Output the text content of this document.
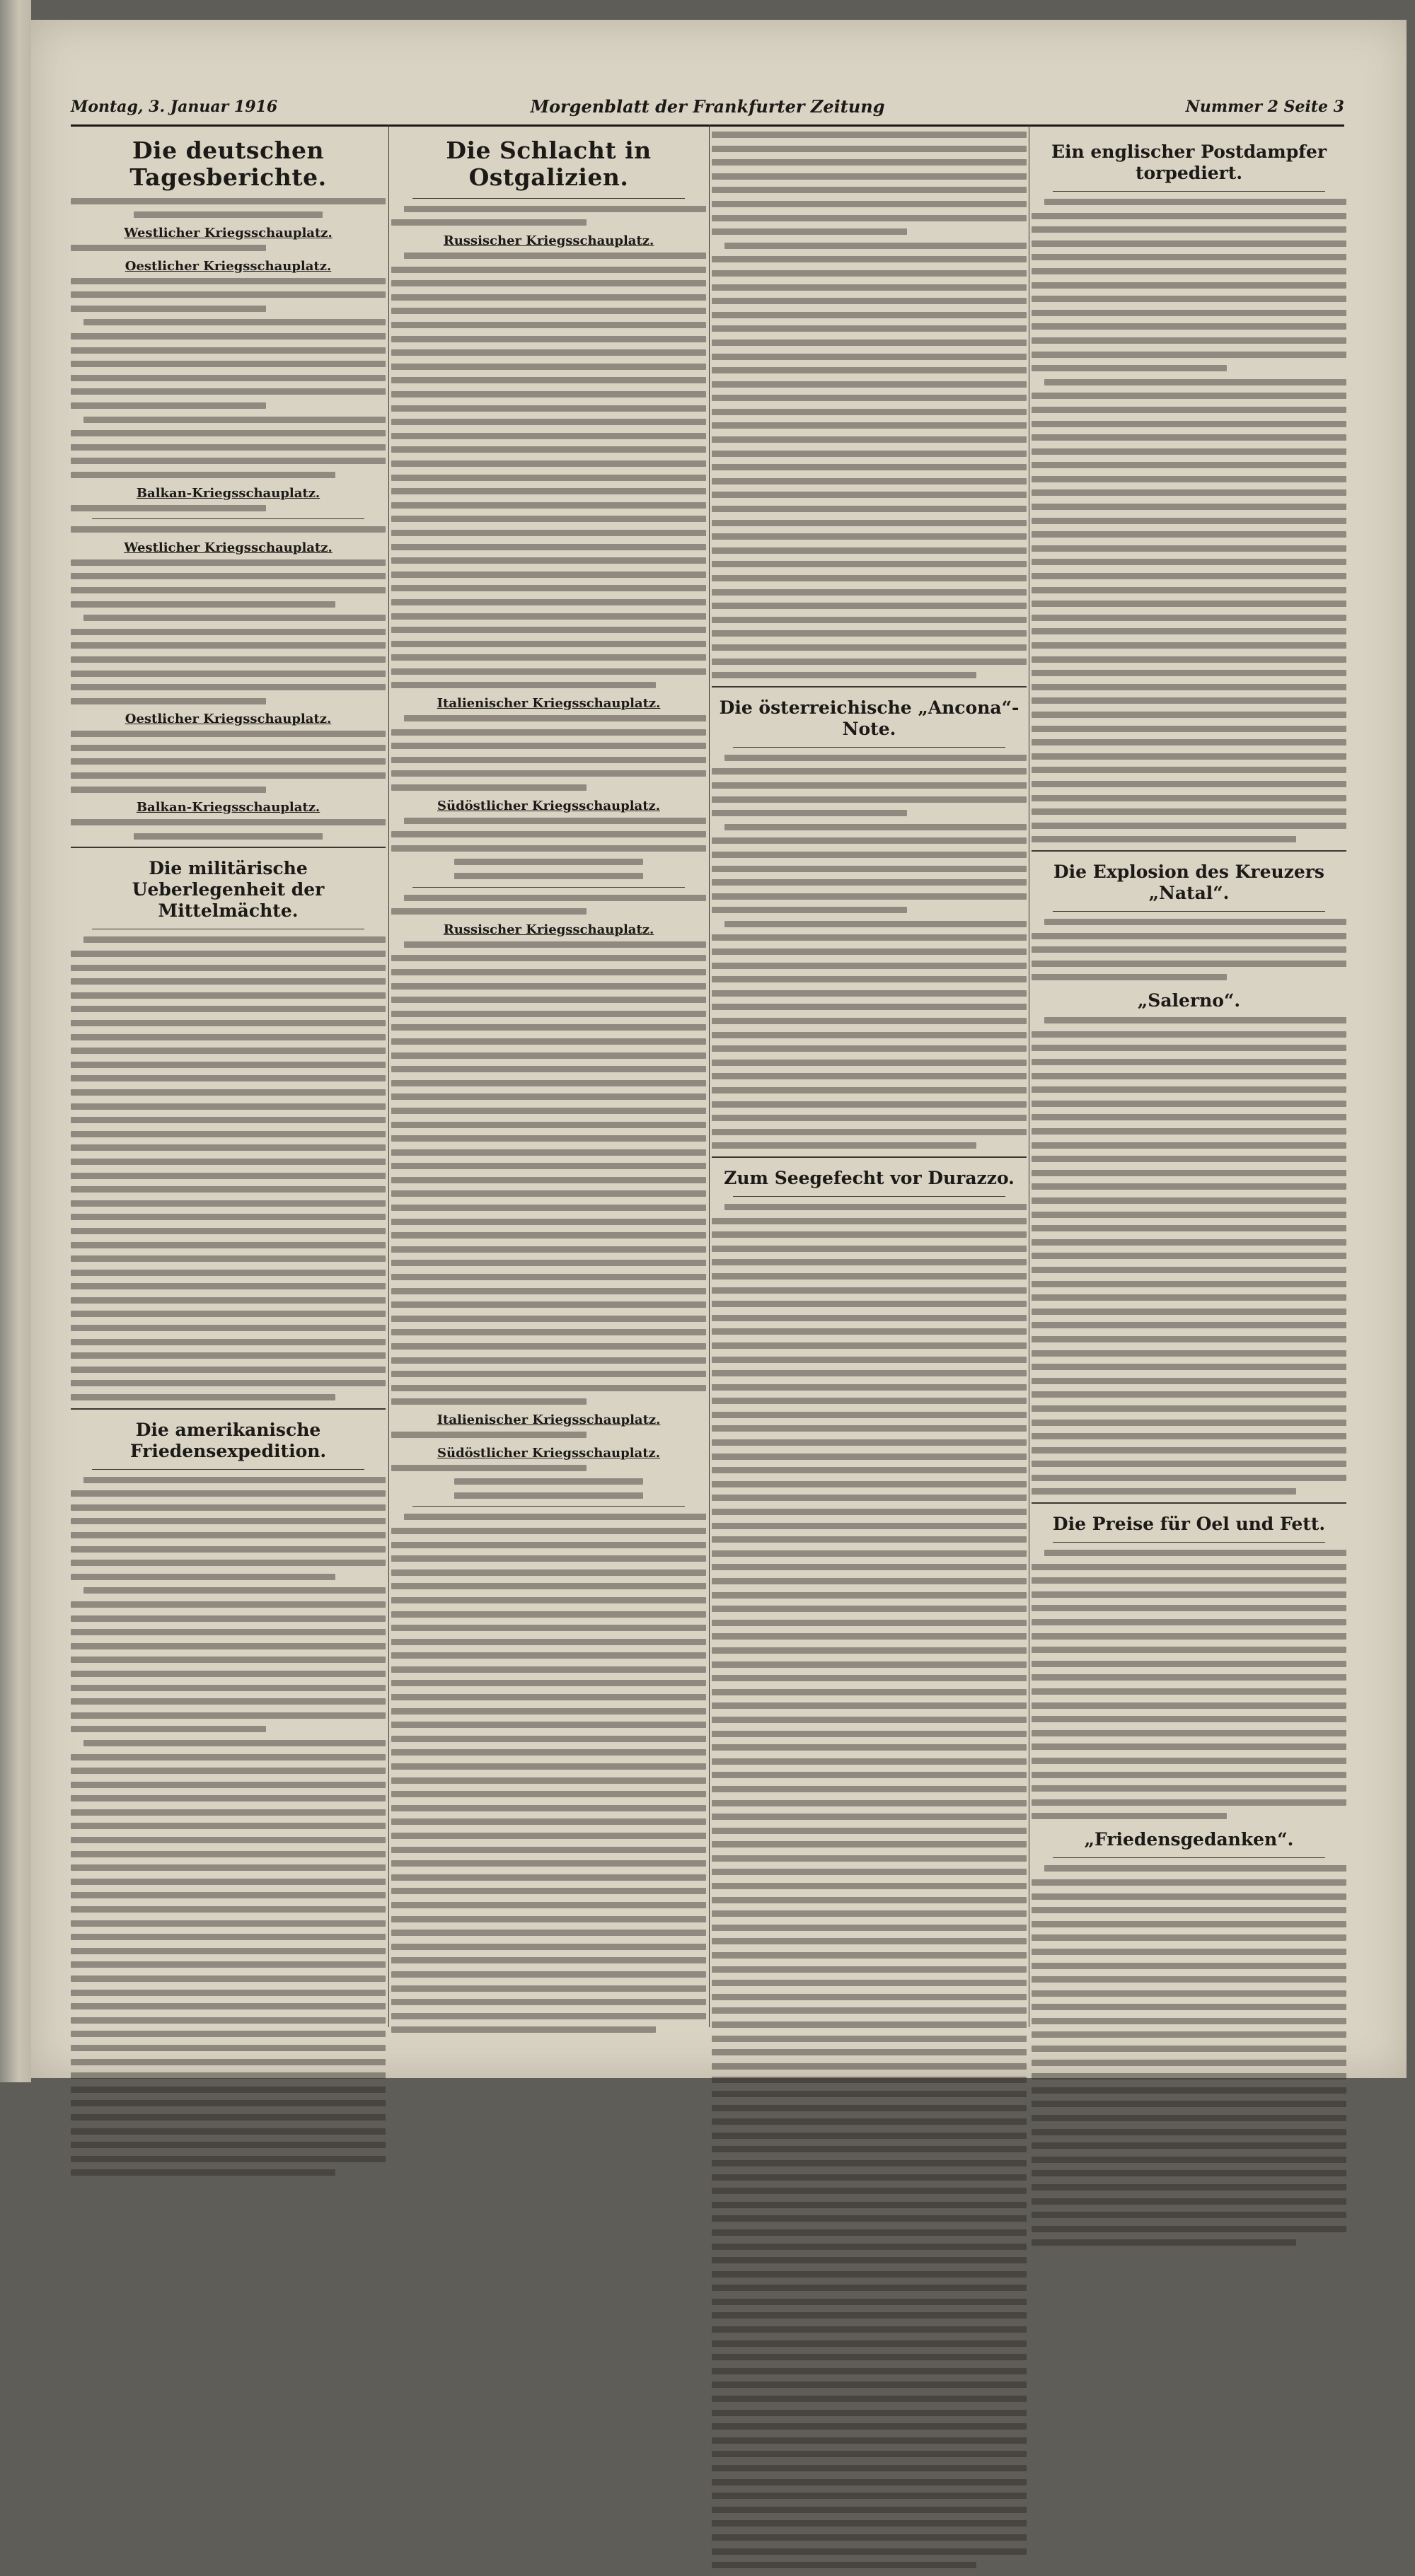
Montag, 3. Januar 1916	Morgenblatt der Frankfurter Zeitung	Nummer 2 Seite 3
Die deutschen Tagesberichte.
Westlicher Kriegsschauplatz.
Oestlicher Kriegsschauplatz.
Balkan-Kriegsschauplatz.
Westlicher Kriegsschauplatz.
Oestlicher Kriegsschauplatz.
Balkan-Kriegsschauplatz.
Die militärische Ueberlegenheit der Mittelmächte.
Die amerikanische Friedensexpedition.
Die Schlacht in Ostgalizien.
Russischer Kriegsschauplatz.
Italienischer Kriegsschauplatz.
Südöstlicher Kriegsschauplatz.
Russischer Kriegsschauplatz.
Italienischer Kriegsschauplatz.
Südöstlicher Kriegsschauplatz.
Die österreichische „Ancona“-Note.
Zum Seegefecht vor Durazzo.
Ein englischer Postdampfer torpediert.
Die Explosion des Kreuzers „Natal“.
„Salerno“.
Die Preise für Oel und Fett.
„Friedensgedanken“.
